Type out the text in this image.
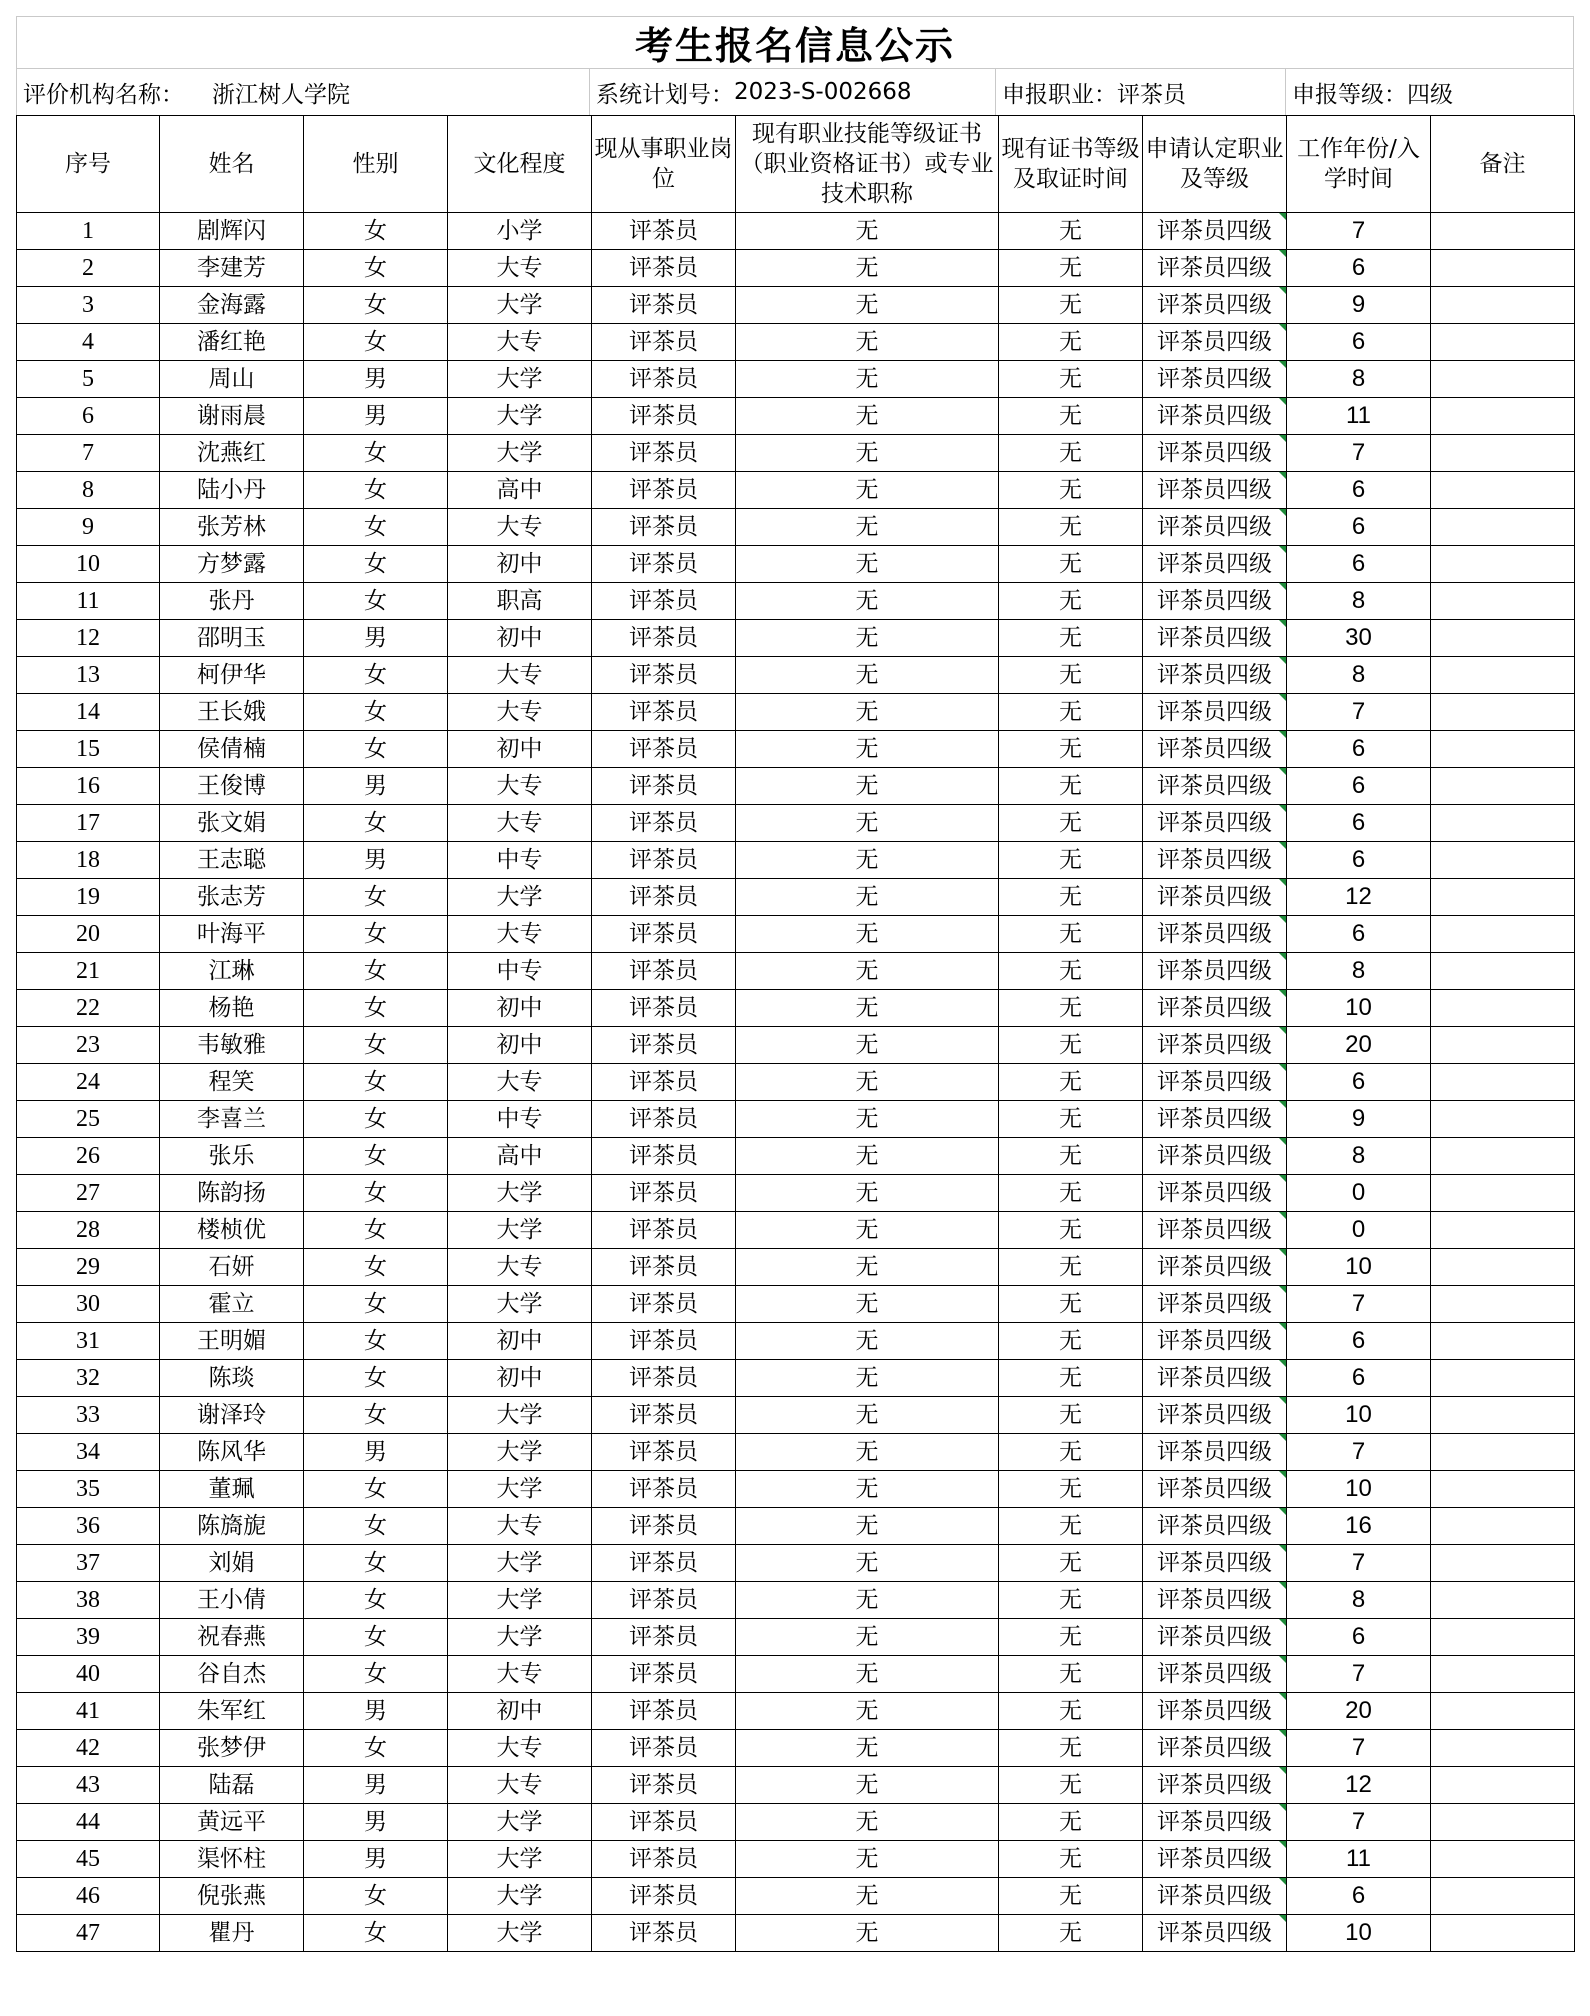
考生报名信息公示
评价机构名称： 浙江树人学院	系统计划号： 2023-S-002668	申报职业： 评茶员	申报等级： 四级
序号	姓名	性别	文化程度	现从事职业岗位	现有职业技能等级证书（职业资格证书）或专业技术职称	现有证书等级及取证时间	申请认定职业及等级	工作年份/入学时间	备注
1	剧辉闪	女	小学	评茶员	无	无	评茶员四级	7	
2	李建芳	女	大专	评茶员	无	无	评茶员四级	6	
3	金海露	女	大学	评茶员	无	无	评茶员四级	9	
4	潘红艳	女	大专	评茶员	无	无	评茶员四级	6	
5	周山	男	大学	评茶员	无	无	评茶员四级	8	
6	谢雨晨	男	大学	评茶员	无	无	评茶员四级	11	
7	沈燕红	女	大学	评茶员	无	无	评茶员四级	7	
8	陆小丹	女	高中	评茶员	无	无	评茶员四级	6	
9	张芳林	女	大专	评茶员	无	无	评茶员四级	6	
10	方梦露	女	初中	评茶员	无	无	评茶员四级	6	
11	张丹	女	职高	评茶员	无	无	评茶员四级	8	
12	邵明玉	男	初中	评茶员	无	无	评茶员四级	30	
13	柯伊华	女	大专	评茶员	无	无	评茶员四级	8	
14	王长娥	女	大专	评茶员	无	无	评茶员四级	7	
15	侯倩楠	女	初中	评茶员	无	无	评茶员四级	6	
16	王俊博	男	大专	评茶员	无	无	评茶员四级	6	
17	张文娟	女	大专	评茶员	无	无	评茶员四级	6	
18	王志聪	男	中专	评茶员	无	无	评茶员四级	6	
19	张志芳	女	大学	评茶员	无	无	评茶员四级	12	
20	叶海平	女	大专	评茶员	无	无	评茶员四级	6	
21	江琳	女	中专	评茶员	无	无	评茶员四级	8	
22	杨艳	女	初中	评茶员	无	无	评茶员四级	10	
23	韦敏雅	女	初中	评茶员	无	无	评茶员四级	20	
24	程笑	女	大专	评茶员	无	无	评茶员四级	6	
25	李喜兰	女	中专	评茶员	无	无	评茶员四级	9	
26	张乐	女	高中	评茶员	无	无	评茶员四级	8	
27	陈韵扬	女	大学	评茶员	无	无	评茶员四级	0	
28	楼桢优	女	大学	评茶员	无	无	评茶员四级	0	
29	石妍	女	大专	评茶员	无	无	评茶员四级	10	
30	霍立	女	大学	评茶员	无	无	评茶员四级	7	
31	王明媚	女	初中	评茶员	无	无	评茶员四级	6	
32	陈琰	女	初中	评茶员	无	无	评茶员四级	6	
33	谢泽玲	女	大学	评茶员	无	无	评茶员四级	10	
34	陈风华	男	大学	评茶员	无	无	评茶员四级	7	
35	董珮	女	大学	评茶员	无	无	评茶员四级	10	
36	陈旖旎	女	大专	评茶员	无	无	评茶员四级	16	
37	刘娟	女	大学	评茶员	无	无	评茶员四级	7	
38	王小倩	女	大学	评茶员	无	无	评茶员四级	8	
39	祝春燕	女	大学	评茶员	无	无	评茶员四级	6	
40	谷自杰	女	大专	评茶员	无	无	评茶员四级	7	
41	朱军红	男	初中	评茶员	无	无	评茶员四级	20	
42	张梦伊	女	大专	评茶员	无	无	评茶员四级	7	
43	陆磊	男	大专	评茶员	无	无	评茶员四级	12	
44	黄远平	男	大学	评茶员	无	无	评茶员四级	7	
45	渠怀柱	男	大学	评茶员	无	无	评茶员四级	11	
46	倪张燕	女	大学	评茶员	无	无	评茶员四级	6	
47	瞿丹	女	大学	评茶员	无	无	评茶员四级	10	
